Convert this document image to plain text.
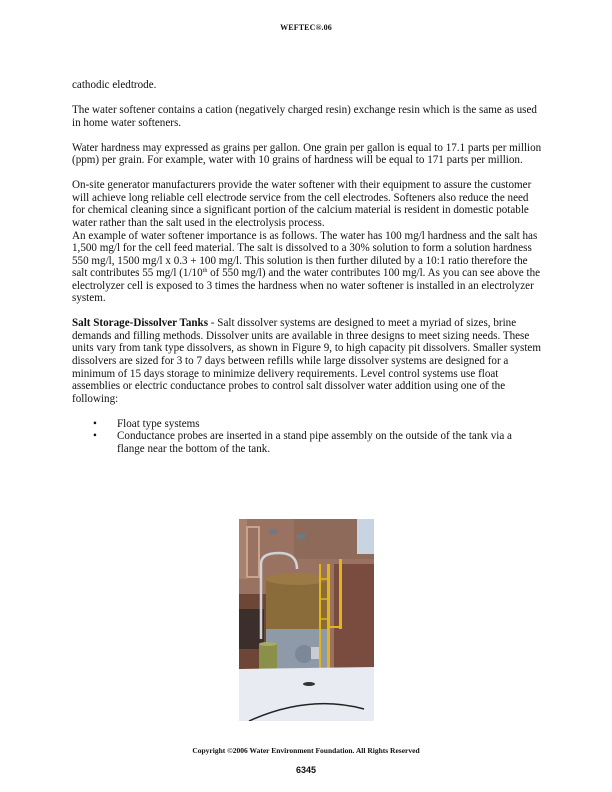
WEFTEC®.06

cathodic eledtrode.

The water softener contains a cation (negatively charged resin) exchange resin which is the same as used in home water softeners.

Water hardness may expressed as grains per gallon. One grain per gallon is equal to 17.1 parts per million (ppm) per grain. For example, water with 10 grains of hardness will be equal to 171 parts per million.

On-site generator manufacturers provide the water softener with their equipment to assure the customer will achieve long reliable cell electrode service from the cell electrodes. Softeners also reduce the need for chemical cleaning since a significant portion of the calcium material is resident in domestic potable water rather than the salt used in the electrolysis process.

An example of water softener importance is as follows. The water has 100 mg/l hardness and the salt has 1,500 mg/l for the cell feed material. The salt is dissolved to a 30% solution to form a solution hardness 550 mg/l, 1500 mg/l x 0.3 + 100 mg/l. This solution is then further diluted by a 10:1 ratio therefore the salt contributes 55 mg/l (1/10th of 550 mg/l) and the water contributes 100 mg/l. As you can see above the electrolyzer cell is exposed to 3 times the hardness when no water softener is installed in an electrolyzer system.

Salt Storage-Dissolver Tanks - Salt dissolver systems are designed to meet a myriad of sizes, brine demands and filling methods. Dissolver units are available in three designs to meet sizing needs. These units vary from tank type dissolvers, as shown in Figure 9, to high capacity pit dissolvers. Smaller system dissolvers are sized for 3 to 7 days between refills while large dissolver systems are designed for a minimum of 15 days storage to minimize delivery requirements. Level control systems use float assemblies or electric conductance probes to control salt dissolver water addition using one of the following:

• Float type systems
• Conductance probes are inserted in a stand pipe assembly on the outside of the tank via a flange near the bottom of the tank.
Copyright ©2006 Water Environment Foundation. All Rights Reserved
6345
